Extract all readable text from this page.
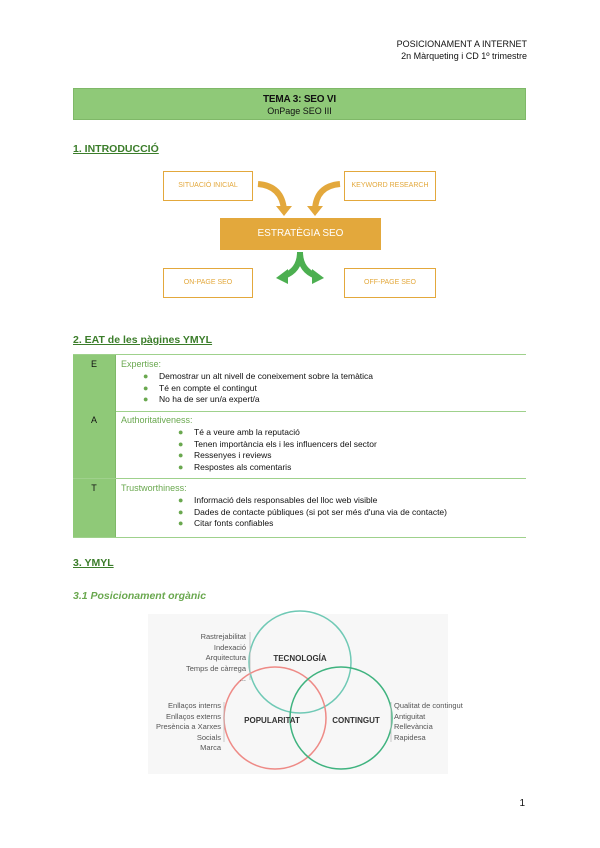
POSICIONAMENT A INTERNET
2n Màrqueting i CD 1º trimestre
TEMA 3: SEO VI
OnPage SEO III
1. INTRODUCCIÓ
SITUACIÓ INICIAL	KEYWORD RESEARCH
ESTRATÈGIA SEO
ON-PAGE SEO	OFF-PAGE SEO
2. EAT de les pàgines YMYL
E	Expertise:
● Demostrar un alt nivell de coneixement sobre la temàtica
● Té en compte el contingut
● No ha de ser un/a expert/a
A	Authoritativeness:
● Té a veure amb la reputació
● Tenen importància els i les influencers del sector
● Ressenyes i reviews
● Respostes als comentaris
T	Trustworthiness:
● Informació dels responsables del lloc web visible
● Dades de contacte públiques (si pot ser més d'una via de contacte)
● Citar fonts confiables
3. YMYL
3.1 Posicionament orgànic
TECNOLOGÍA
POPULARITAT	CONTINGUT
Rastrejabilitat
Indexació
Arquitectura
Temps de càrrega
...
Enllaços interns
Enllaços externs
Presència a Xarxes Socials
Marca
Qualitat de contingut
Antiguitat
Rellevància
Rapidesa
1
